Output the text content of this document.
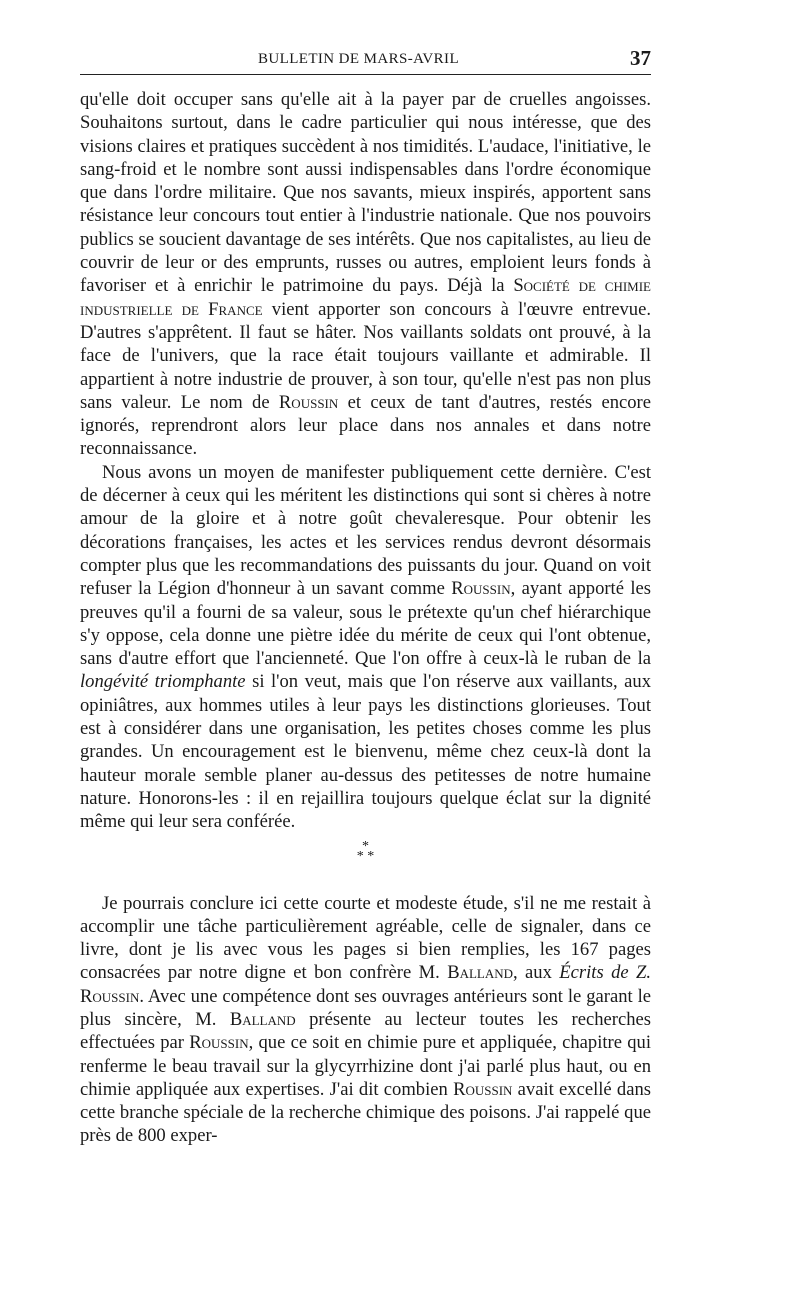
BULLETIN DE MARS-AVRIL	37

qu'elle doit occuper sans qu'elle ait à la payer par de cruelles angoisses. Souhaitons surtout, dans le cadre particulier qui nous intéresse, que des visions claires et pratiques succèdent à nos timidités. L'audace, l'initiative, le sang-froid et le nombre sont aussi indispensables dans l'ordre économique que dans l'ordre militaire. Que nos savants, mieux inspirés, apportent sans résistance leur concours tout entier à l'industrie nationale. Que nos pouvoirs publics se soucient davantage de ses intérêts. Que nos capitalistes, au lieu de couvrir de leur or des emprunts, russes ou autres, emploient leurs fonds à favoriser et à enrichir le patrimoine du pays. Déjà la Société de chimie industrielle de France vient apporter son concours à l'œuvre entrevue. D'autres s'apprêtent. Il faut se hâter. Nos vaillants soldats ont prouvé, à la face de l'univers, que la race était toujours vaillante et admirable. Il appartient à notre industrie de prouver, à son tour, qu'elle n'est pas non plus sans valeur. Le nom de Roussin et ceux de tant d'autres, restés encore ignorés, reprendront alors leur place dans nos annales et dans notre reconnaissance.

Nous avons un moyen de manifester publiquement cette dernière. C'est de décerner à ceux qui les méritent les distinctions qui sont si chères à notre amour de la gloire et à notre goût chevaleresque. Pour obtenir les décorations françaises, les actes et les services rendus devront désormais compter plus que les recommandations des puissants du jour. Quand on voit refuser la Légion d'honneur à un savant comme Roussin, ayant apporté les preuves qu'il a fourni de sa valeur, sous le prétexte qu'un chef hiérarchique s'y oppose, cela donne une piètre idée du mérite de ceux qui l'ont obtenue, sans d'autre effort que l'ancienneté. Que l'on offre à ceux-là le ruban de la longévité triomphante si l'on veut, mais que l'on réserve aux vaillants, aux opiniâtres, aux hommes utiles à leur pays les distinctions glorieuses. Tout est à considérer dans une organisation, les petites choses comme les plus grandes. Un encouragement est le bienvenu, même chez ceux-là dont la hauteur morale semble planer au-dessus des petitesses de notre humaine nature. Honorons-les : il en rejaillira toujours quelque éclat sur la dignité même qui leur sera conférée.

*
* *

Je pourrais conclure ici cette courte et modeste étude, s'il ne me restait à accomplir une tâche particulièrement agréable, celle de signaler, dans ce livre, dont je lis avec vous les pages si bien remplies, les 167 pages consacrées par notre digne et bon confrère M. Balland, aux Écrits de Z. Roussin. Avec une compétence dont ses ouvrages antérieurs sont le garant le plus sincère, M. Balland présente au lecteur toutes les recherches effectuées par Roussin, que ce soit en chimie pure et appliquée, chapitre qui renferme le beau travail sur la glycyrrhizine dont j'ai parlé plus haut, ou en chimie appliquée aux expertises. J'ai dit combien Roussin avait excellé dans cette branche spéciale de la recherche chimique des poisons. J'ai rappelé que près de 800 exper-
